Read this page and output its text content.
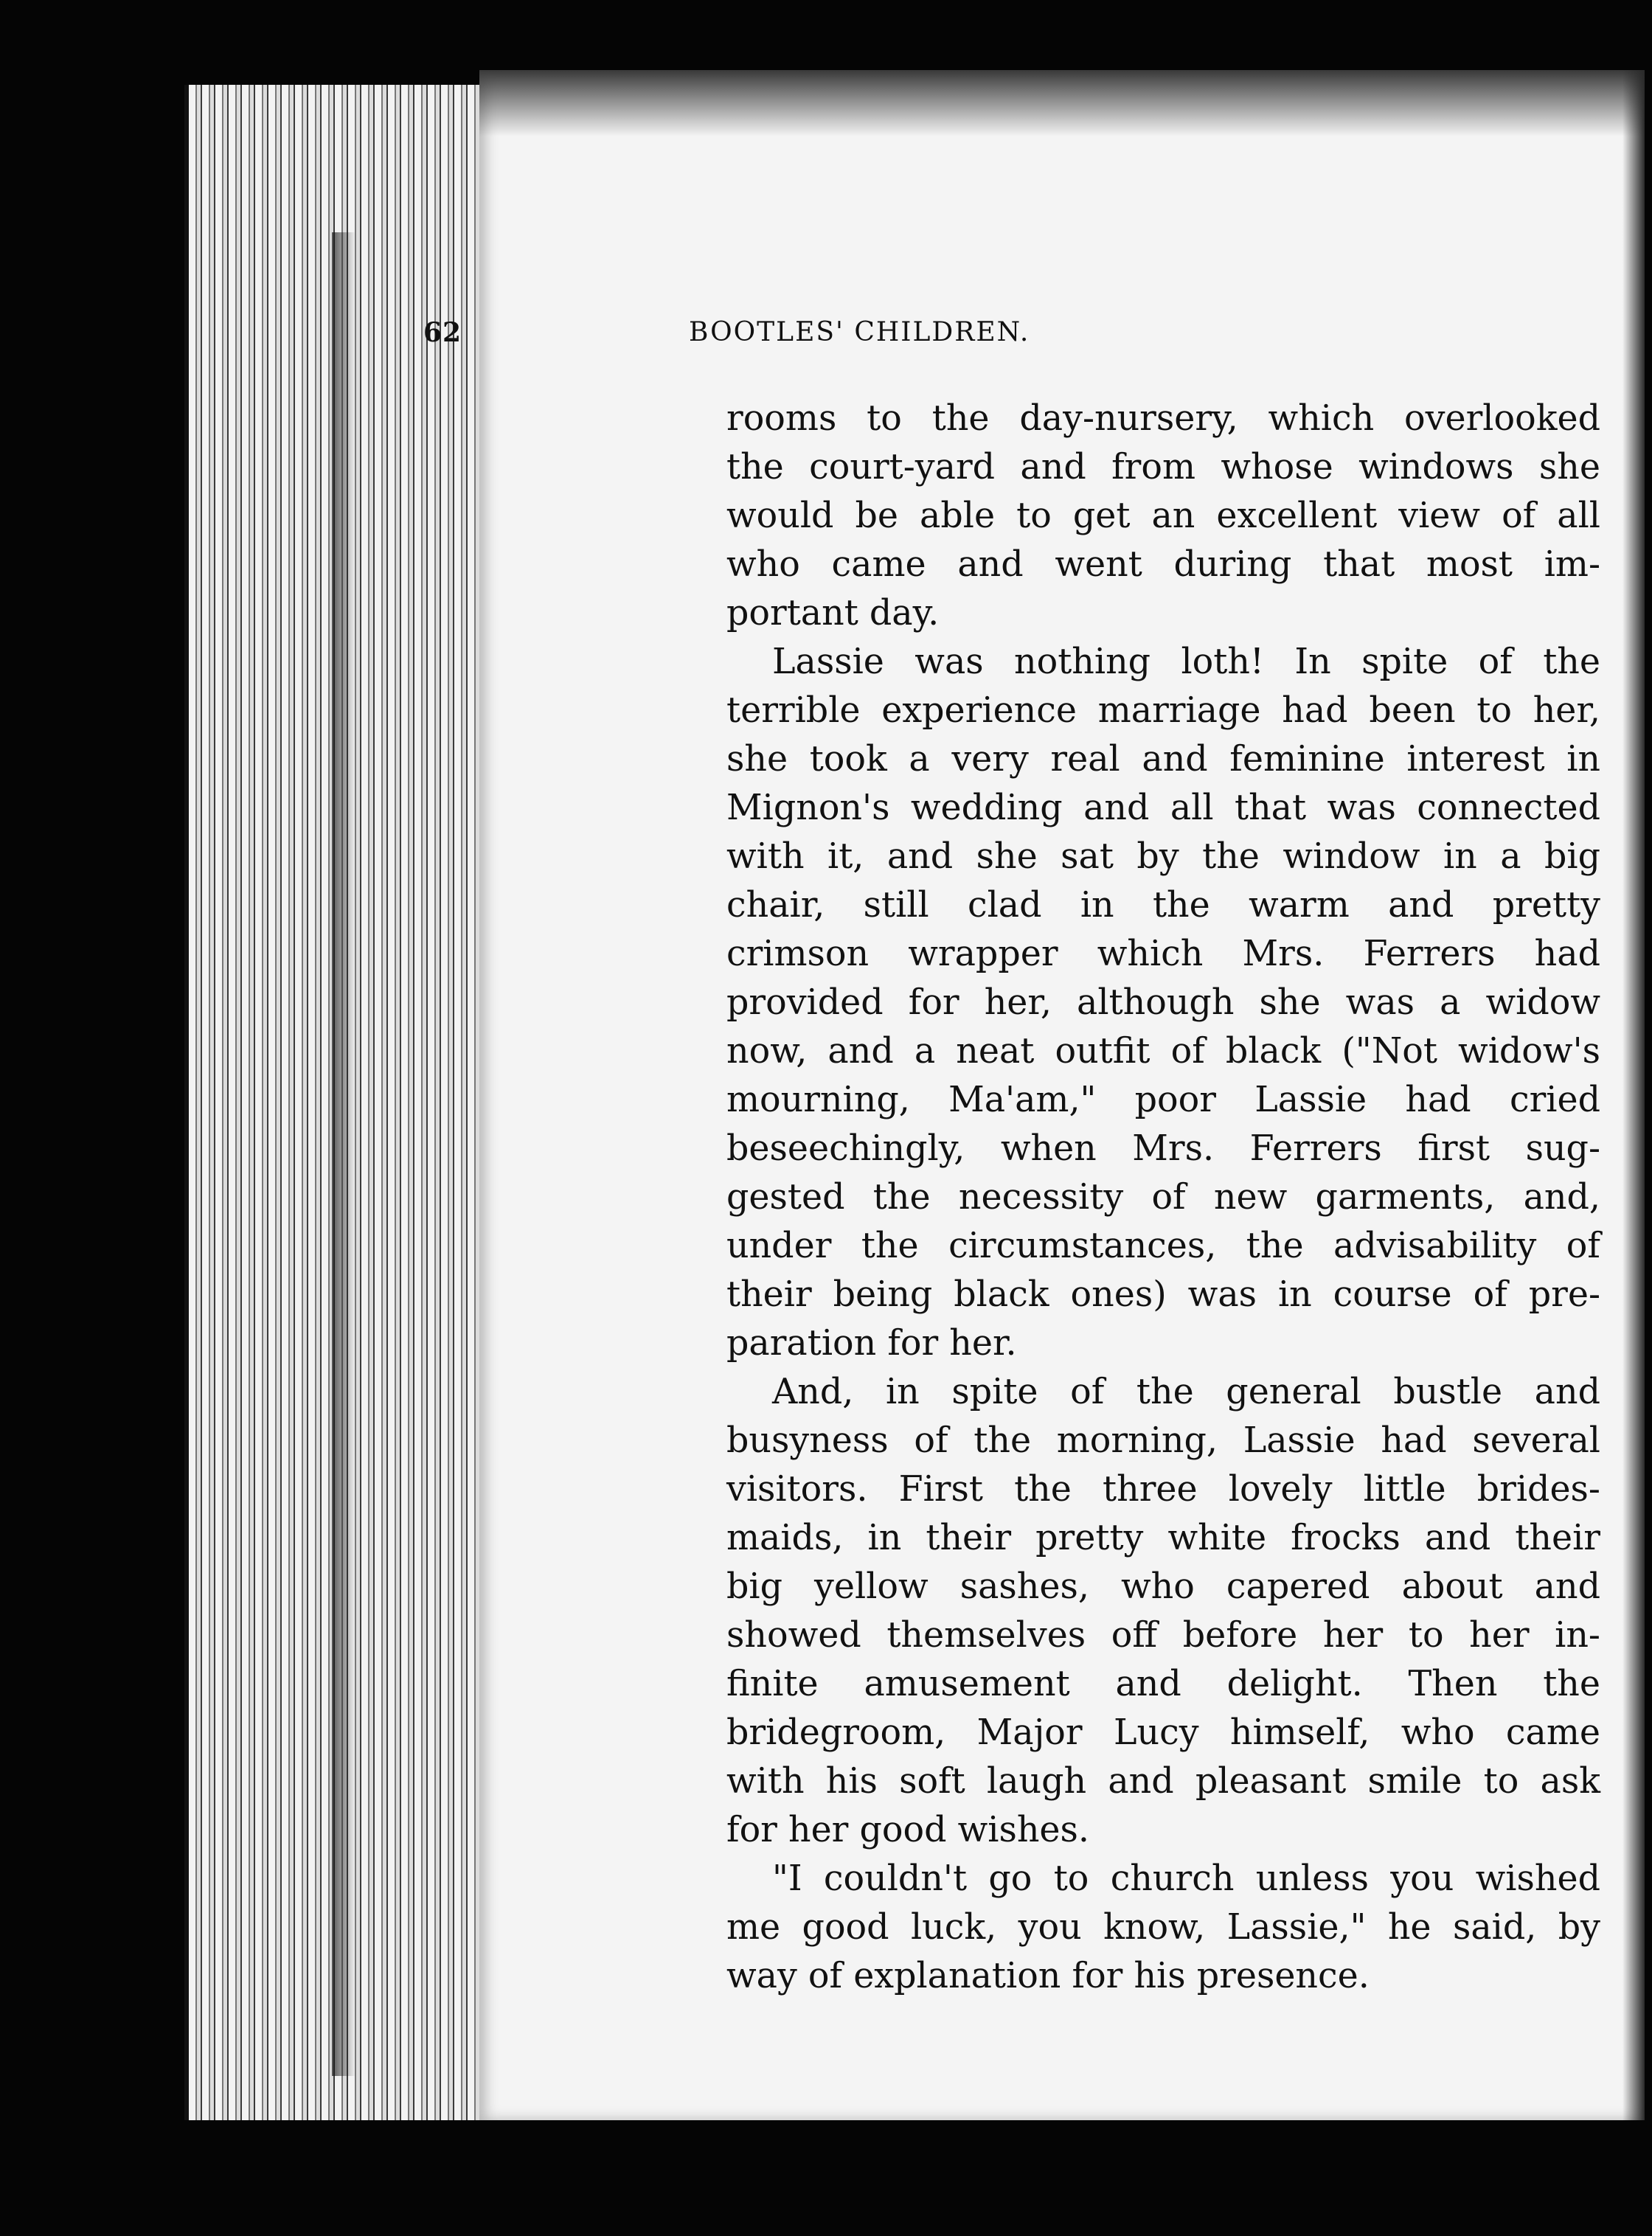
62	BOOTLES' CHILDREN.
rooms to the day-nursery, which overlooked
the court-yard and from whose windows she
would be able to get an excellent view of all
who came and went during that most im-
portant day.
Lassie was nothing loth! In spite of the
terrible experience marriage had been to her,
she took a very real and feminine interest in
Mignon's wedding and all that was connected
with it, and she sat by the window in a big
chair, still clad in the warm and pretty
crimson wrapper which Mrs. Ferrers had
provided for her, although she was a widow
now, and a neat outfit of black ("Not widow's
mourning, Ma'am," poor Lassie had cried
beseechingly, when Mrs. Ferrers first sug-
gested the necessity of new garments, and,
under the circumstances, the advisability of
their being black ones) was in course of pre-
paration for her.
And, in spite of the general bustle and
busyness of the morning, Lassie had several
visitors. First the three lovely little brides-
maids, in their pretty white frocks and their
big yellow sashes, who capered about and
showed themselves off before her to her in-
finite amusement and delight. Then the
bridegroom, Major Lucy himself, who came
with his soft laugh and pleasant smile to ask
for her good wishes.
"I couldn't go to church unless you wished
me good luck, you know, Lassie," he said, by
way of explanation for his presence.
